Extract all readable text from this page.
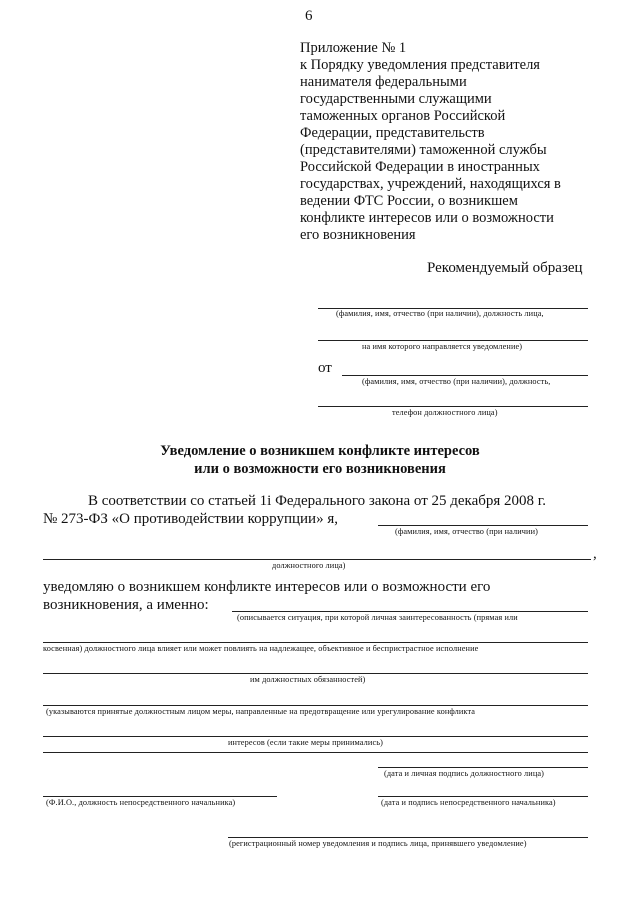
6
Приложение № 1
к Порядку уведомления представителя
нанимателя федеральными
государственными служащими
таможенных органов Российской
Федерации, представительств
(представителями) таможенной службы
Российской Федерации в иностранных
государствах, учреждений, находящихся в
ведении ФТС России, о возникшем
конфликте интересов или о возможности
его возникновения
Рекомендуемый образец
(фамилия, имя, отчество (при наличии), должность лица,
на имя которого направляется уведомление)
от
(фамилия, имя, отчество (при наличии), должность,
телефон должностного лица)
Уведомление о возникшем конфликте интересов
или о возможности его возникновения
В соответствии со статьей 1і Федерального закона от 25 декабря 2008 г.
№ 273-ФЗ «О противодействии коррупции» я,
(фамилия, имя, отчество (при наличии)
,
должностного лица)
уведомляю о возникшем конфликте интересов или о возможности его
возникновения, а именно:
(описывается ситуация, при которой личная заинтересованность (прямая или
косвенная) должностного лица влияет или может повлиять на надлежащее, объективное и беспристрастное исполнение
им должностных обязанностей)
(указываются принятые должностным лицом меры, направленные на предотвращение или урегулирование конфликта
интересов (если такие меры принимались)
(дата и личная подпись должностного лица)
(Ф.И.О., должность непосредственного начальника)	(дата и подпись непосредственного начальника)
(регистрационный номер уведомления и подпись лица, принявшего уведомление)
